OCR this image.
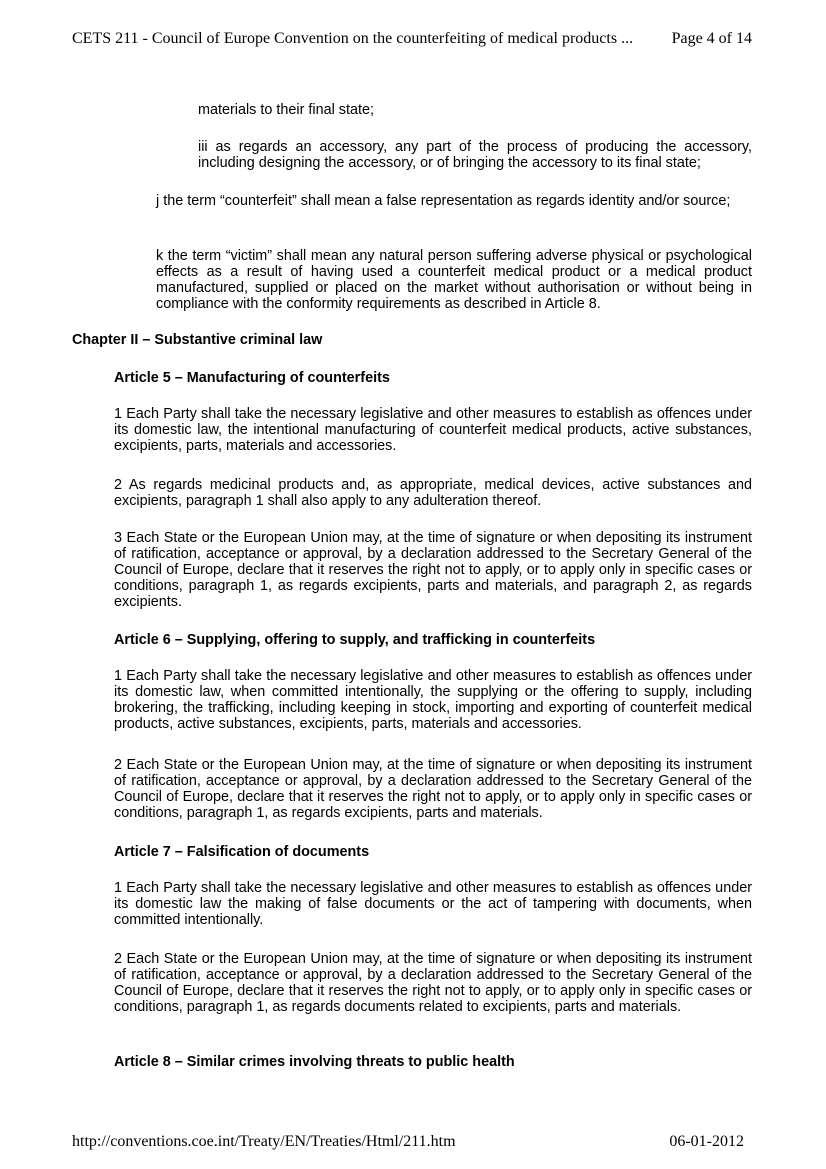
CETS 211 - Council of Europe Convention on the counterfeiting of medical products ... Page 4 of 14

materials to their final state;

iii as regards an accessory, any part of the process of producing the accessory, including designing the accessory, or of bringing the accessory to its final state;

j the term “counterfeit” shall mean a false representation as regards identity and/or source;

k the term “victim” shall mean any natural person suffering adverse physical or psychological effects as a result of having used a counterfeit medical product or a medical product manufactured, supplied or placed on the market without authorisation or without being in compliance with the conformity requirements as described in Article 8.

Chapter II – Substantive criminal law
Article 5 – Manufacturing of counterfeits

1 Each Party shall take the necessary legislative and other measures to establish as offences under its domestic law, the intentional manufacturing of counterfeit medical products, active substances, excipients, parts, materials and accessories.

2 As regards medicinal products and, as appropriate, medical devices, active substances and excipients, paragraph 1 shall also apply to any adulteration thereof.

3 Each State or the European Union may, at the time of signature or when depositing its instrument of ratification, acceptance or approval, by a declaration addressed to the Secretary General of the Council of Europe, declare that it reserves the right not to apply, or to apply only in specific cases or conditions, paragraph 1, as regards excipients, parts and materials, and paragraph 2, as regards excipients.

Article 6 – Supplying, offering to supply, and trafficking in counterfeits

1 Each Party shall take the necessary legislative and other measures to establish as offences under its domestic law, when committed intentionally, the supplying or the offering to supply, including brokering, the trafficking, including keeping in stock, importing and exporting of counterfeit medical products, active substances, excipients, parts, materials and accessories.

2 Each State or the European Union may, at the time of signature or when depositing its instrument of ratification, acceptance or approval, by a declaration addressed to the Secretary General of the Council of Europe, declare that it reserves the right not to apply, or to apply only in specific cases or conditions, paragraph 1, as regards excipients, parts and materials.

Article 7 – Falsification of documents

1 Each Party shall take the necessary legislative and other measures to establish as offences under its domestic law the making of false documents or the act of tampering with documents, when committed intentionally.

2 Each State or the European Union may, at the time of signature or when depositing its instrument of ratification, acceptance or approval, by a declaration addressed to the Secretary General of the Council of Europe, declare that it reserves the right not to apply, or to apply only in specific cases or conditions, paragraph 1, as regards documents related to excipients, parts and materials.

Article 8 – Similar crimes involving threats to public health
http://conventions.coe.int/Treaty/EN/Treaties/Html/211.htm	06-01-2012
